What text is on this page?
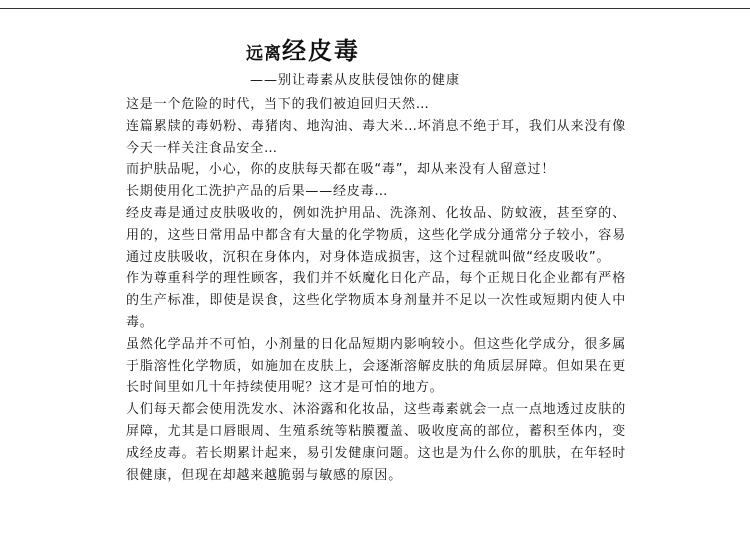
远离经皮毒
——别让毒素从皮肤侵蚀你的健康

这是一个危险的时代，当下的我们被迫回归天然…

连篇累牍的毒奶粉、毒猪肉、地沟油、毒大米…坏消息不绝于耳，我们从来没有像今天一样关注食品安全…

而护肤品呢，小心，你的皮肤每天都在吸“毒”，却从来没有人留意过！

长期使用化工洗护产品的后果——经皮毒…

经皮毒是通过皮肤吸收的，例如洗护用品、洗涤剂、化妆品、防蚊液，甚至穿的、用的，这些日常用品中都含有大量的化学物质，这些化学成分通常分子较小，容易通过皮肤吸收，沉积在身体内，对身体造成损害，这个过程就叫做“经皮吸收”。

作为尊重科学的理性顾客，我们并不妖魔化日化产品，每个正规日化企业都有严格的生产标准，即使是误食，这些化学物质本身剂量并不足以一次性或短期内使人中毒。

虽然化学品并不可怕，小剂量的日化品短期内影响较小。但这些化学成分，很多属于脂溶性化学物质，如施加在皮肤上，会逐渐溶解皮肤的角质层屏障。但如果在更长时间里如几十年持续使用呢？这才是可怕的地方。

人们每天都会使用洗发水、沐浴露和化妆品，这些毒素就会一点一点地透过皮肤的屏障，尤其是口唇眼周、生殖系统等粘膜覆盖、吸收度高的部位，蓄积至体内，变成经皮毒。若长期累计起来，易引发健康问题。这也是为什么你的肌肤，在年轻时很健康，但现在却越来越脆弱与敏感的原因。
